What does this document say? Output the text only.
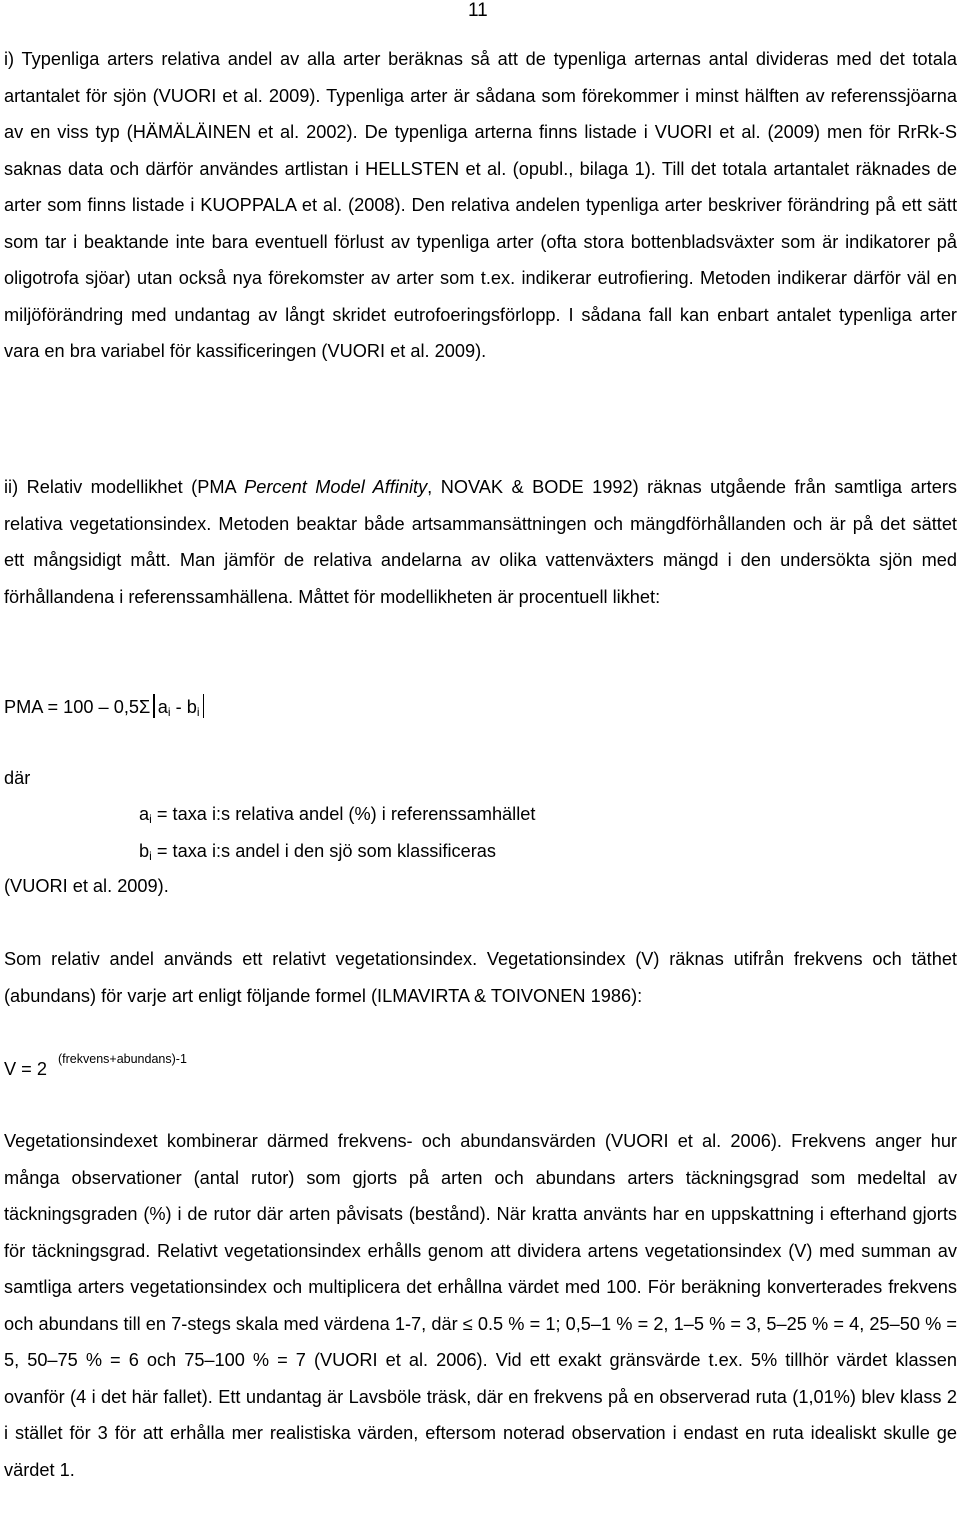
11

i) Typenliga arters relativa andel av alla arter beräknas så att de typenliga arternas antal divideras med det totala artantalet för sjön (VUORI et al. 2009). Typenliga arter är sådana som förekommer i minst hälften av referenssjöarna av en viss typ (HÄMÄLÄINEN et al. 2002). De typenliga arterna finns listade i VUORI et al. (2009) men för RrRk-S saknas data och därför användes artlistan i HELLSTEN et al. (opubl., bilaga 1). Till det totala artantalet räknades de arter som finns listade i KUOPPALA et al. (2008). Den relativa andelen typenliga arter beskriver förändring på ett sätt som tar i beaktande inte bara eventuell förlust av typenliga arter (ofta stora bottenbladsväxter som är indikatorer på oligotrofa sjöar) utan också nya förekomster av arter som t.ex. indikerar eutrofiering. Metoden indikerar därför väl en miljöförändring med undantag av långt skridet eutrofoeringsförlopp. I sådana fall kan enbart antalet typenliga arter vara en bra variabel för kassificeringen (VUORI et al. 2009).

ii) Relativ modellikhet (PMA Percent Model Affinity, NOVAK & BODE 1992) räknas utgående från samtliga arters relativa vegetationsindex. Metoden beaktar både artsammansättningen och mängdförhållanden och är på det sättet ett mångsidigt mått. Man jämför de relativa andelarna av olika vattenväxters mängd i den undersökta sjön med förhållandena i referenssamhällena. Måttet för modellikheten är procentuell likhet:

PMA = 100 – 0,5Σ $a_i - b_i$
där
$a_i$ = taxa i:s relativa andel (%) i referenssamhället
$b_i$ = taxa i:s andel i den sjö som klassificeras
(VUORI et al. 2009).

Som relativ andel används ett relativt vegetationsindex. Vegetationsindex (V) räknas utifrån frekvens och täthet (abundans) för varje art enligt följande formel (ILMAVIRTA & TOIVONEN 1986):

V = 2 (frekvens+abundans)-1

Vegetationsindexet kombinerar därmed frekvens- och abundansvärden (VUORI et al. 2006). Frekvens anger hur många observationer (antal rutor) som gjorts på arten och abundans arters täckningsgrad som medeltal av täckningsgraden (%) i de rutor där arten påvisats (bestånd). När kratta använts har en uppskattning i efterhand gjorts för täckningsgrad. Relativt vegetationsindex erhålls genom att dividera artens vegetationsindex (V) med summan av samtliga arters vegetationsindex och multiplicera det erhållna värdet med 100. För beräkning konverterades frekvens och abundans till en 7-stegs skala med värdena 1-7, där ≤ 0.5 % = 1; 0,5–1 % = 2, 1–5 % = 3, 5–25 % = 4, 25–50 % = 5, 50–75 % = 6 och 75–100 % = 7 (VUORI et al. 2006). Vid ett exakt gränsvärde t.ex. 5% tillhör värdet klassen ovanför (4 i det här fallet). Ett undantag är Lavsböle träsk, där en frekvens på en observerad ruta (1,01%) blev klass 2 i stället för 3 för att erhålla mer realistiska värden, eftersom noterad observation i endast en ruta idealiskt skulle ge värdet 1.
